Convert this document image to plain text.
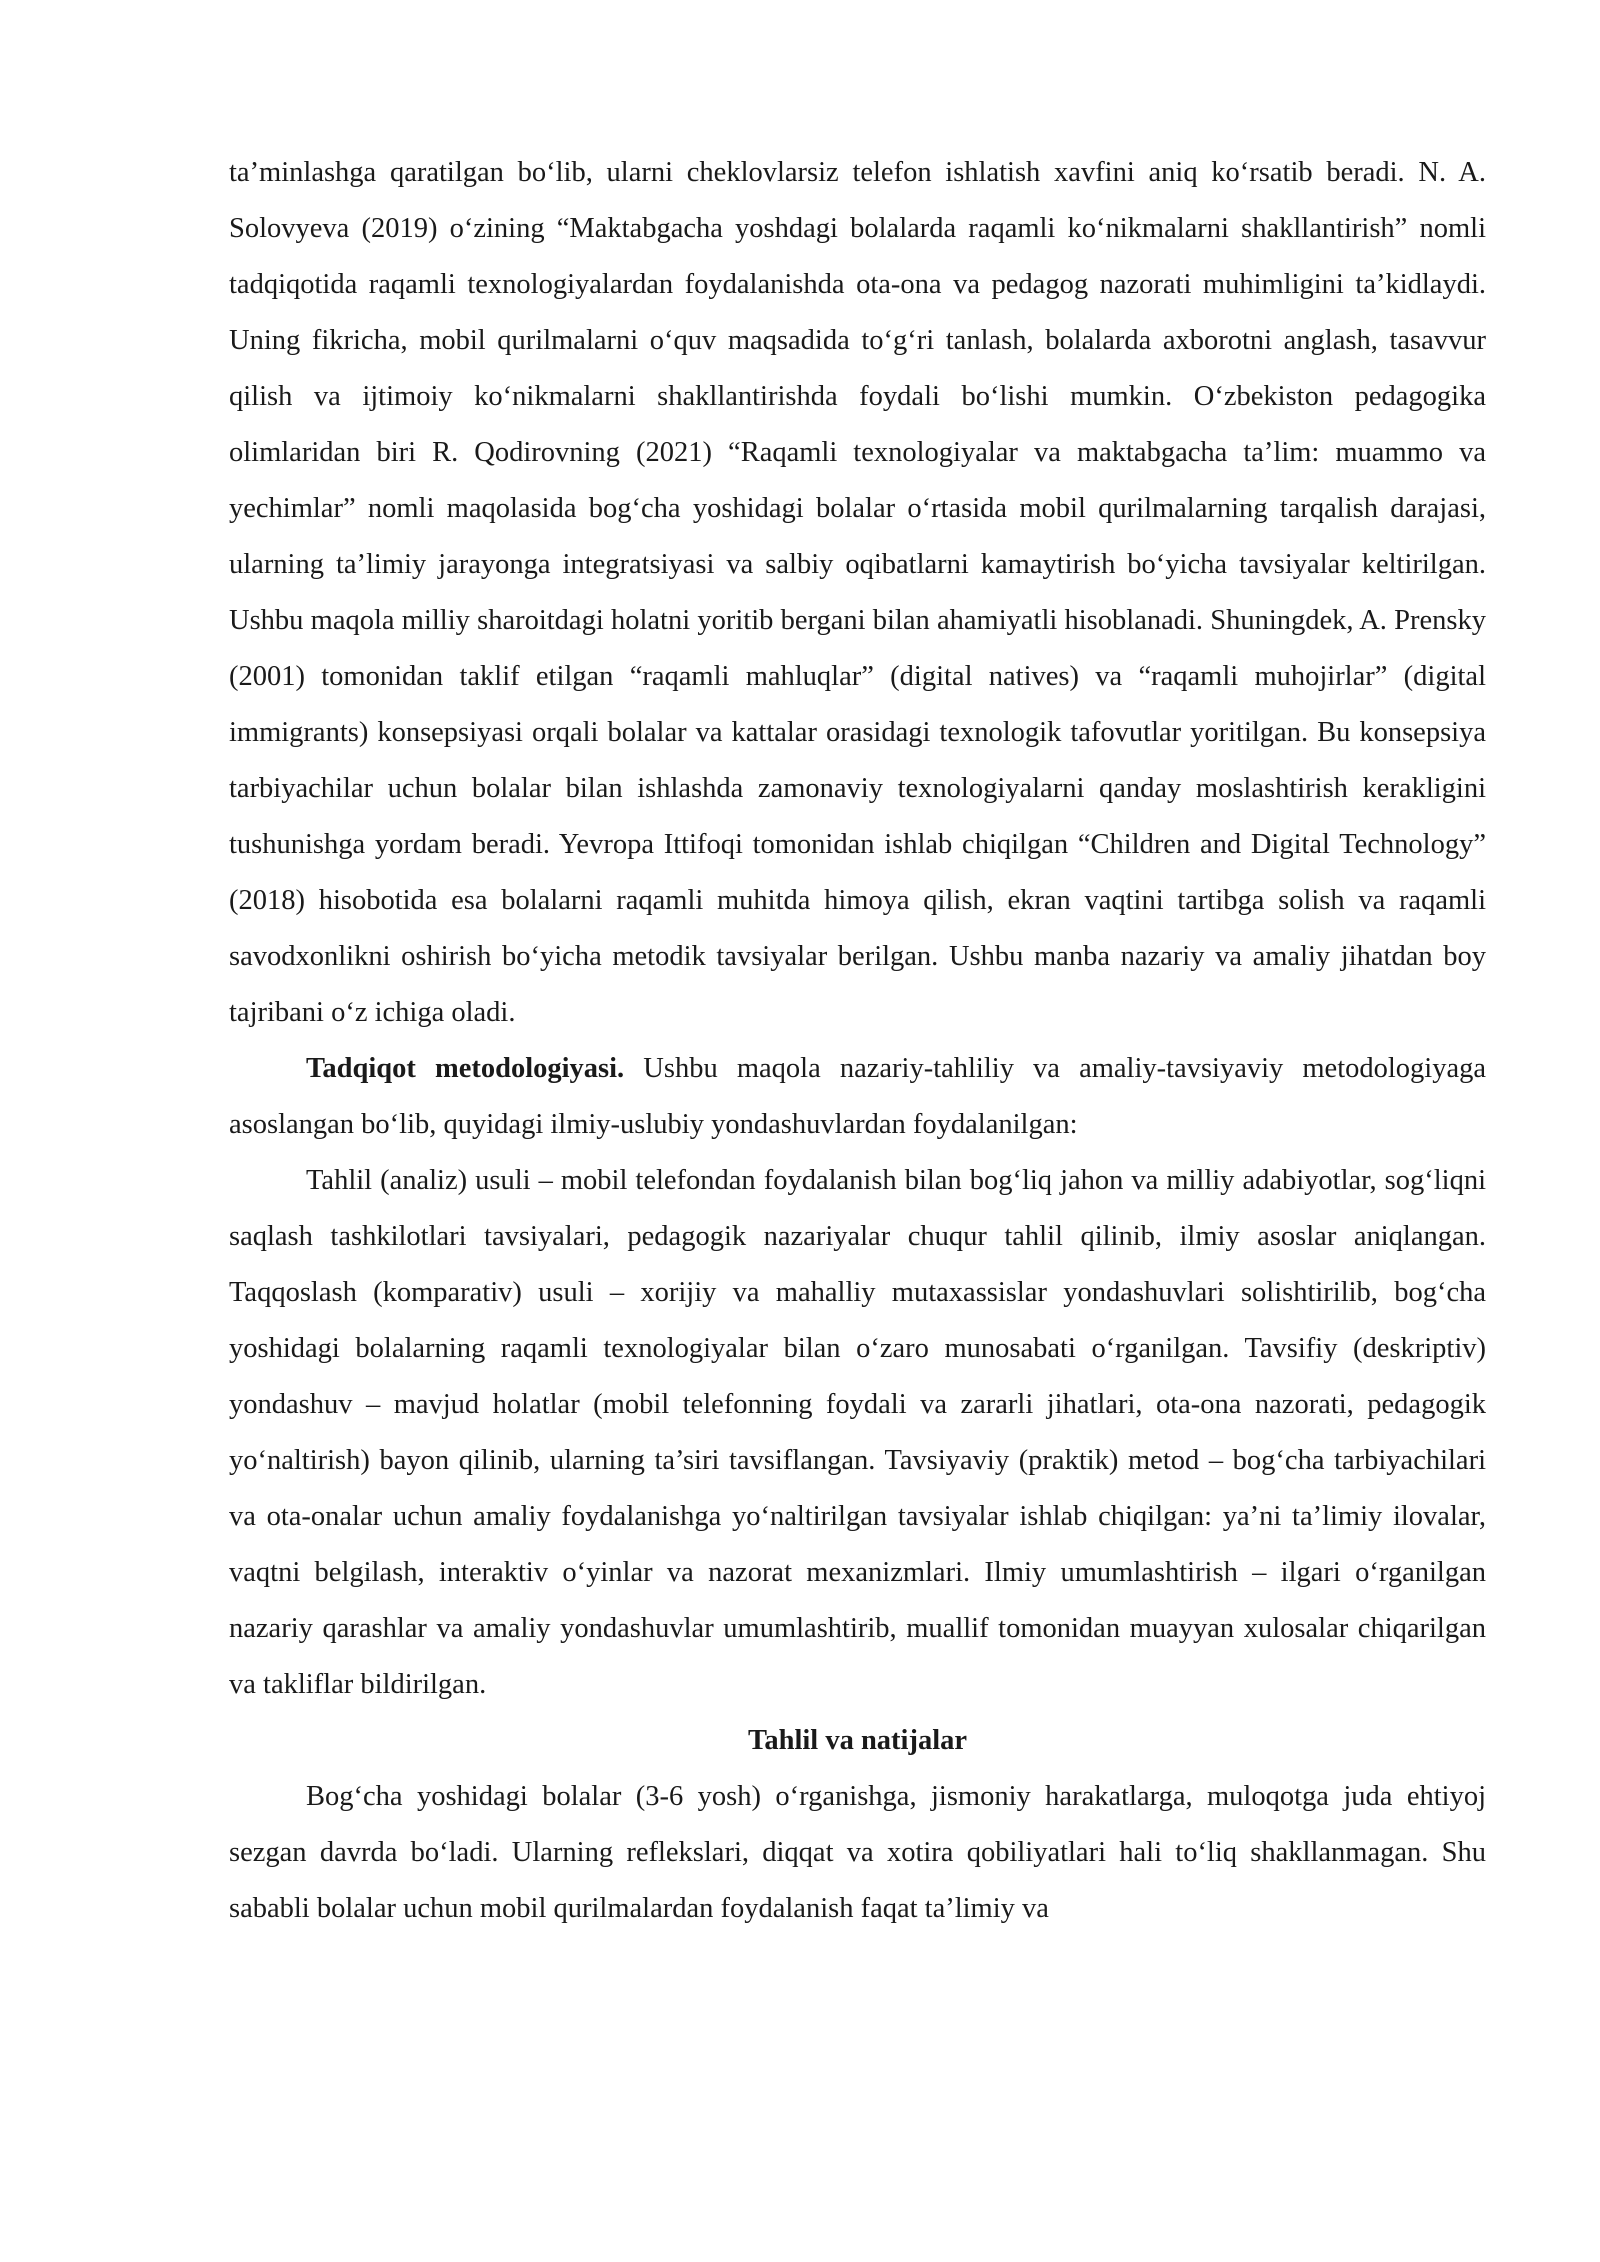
ta’minlashga qaratilgan bo‘lib, ularni cheklovlarsiz telefon ishlatish xavfini aniq ko‘rsatib beradi. N. A. Solovyeva (2019) o‘zining “Maktabgacha yoshdagi bolalarda raqamli ko‘nikmalarni shakllantirish” nomli tadqiqotida raqamli texnologiyalardan foydalanishda ota-ona va pedagog nazorati muhimligini ta’kidlaydi. Uning fikricha, mobil qurilmalarni o‘quv maqsadida to‘g‘ri tanlash, bolalarda axborotni anglash, tasavvur qilish va ijtimoiy ko‘nikmalarni shakllantirishda foydali bo‘lishi mumkin. O‘zbekiston pedagogika olimlaridan biri R. Qodirovning (2021) “Raqamli texnologiyalar va maktabgacha ta’lim: muammo va yechimlar” nomli maqolasida bog‘cha yoshidagi bolalar o‘rtasida mobil qurilmalarning tarqalish darajasi, ularning ta’limiy jarayonga integratsiyasi va salbiy oqibatlarni kamaytirish bo‘yicha tavsiyalar keltirilgan. Ushbu maqola milliy sharoitdagi holatni yoritib bergani bilan ahamiyatli hisoblanadi. Shuningdek, A. Prensky (2001) tomonidan taklif etilgan “raqamli mahluqlar” (digital natives) va “raqamli muhojirlar” (digital immigrants) konsepsiyasi orqali bolalar va kattalar orasidagi texnologik tafovutlar yoritilgan. Bu konsepsiya tarbiyachilar uchun bolalar bilan ishlashda zamonaviy texnologiyalarni qanday moslashtirish kerakligini tushunishga yordam beradi. Yevropa Ittifoqi tomonidan ishlab chiqilgan “Children and Digital Technology” (2018) hisobotida esa bolalarni raqamli muhitda himoya qilish, ekran vaqtini tartibga solish va raqamli savodxonlikni oshirish bo‘yicha metodik tavsiyalar berilgan. Ushbu manba nazariy va amaliy jihatdan boy tajribani o‘z ichiga oladi.

Tadqiqot metodologiyasi. Ushbu maqola nazariy-tahliliy va amaliy-tavsiyaviy metodologiyaga asoslangan bo‘lib, quyidagi ilmiy-uslubiy yondashuvlardan foydalanilgan:

Tahlil (analiz) usuli – mobil telefondan foydalanish bilan bog‘liq jahon va milliy adabiyotlar, sog‘liqni saqlash tashkilotlari tavsiyalari, pedagogik nazariyalar chuqur tahlil qilinib, ilmiy asoslar aniqlangan. Taqqoslash (komparativ) usuli – xorijiy va mahalliy mutaxassislar yondashuvlari solishtirilib, bog‘cha yoshidagi bolalarning raqamli texnologiyalar bilan o‘zaro munosabati o‘rganilgan. Tavsifiy (deskriptiv) yondashuv – mavjud holatlar (mobil telefonning foydali va zararli jihatlari, ota-ona nazorati, pedagogik yo‘naltirish) bayon qilinib, ularning ta’siri tavsiflangan. Tavsiyaviy (praktik) metod – bog‘cha tarbiyachilari va ota-onalar uchun amaliy foydalanishga yo‘naltirilgan tavsiyalar ishlab chiqilgan: ya’ni ta’limiy ilovalar, vaqtni belgilash, interaktiv o‘yinlar va nazorat mexanizmlari. Ilmiy umumlashtirish – ilgari o‘rganilgan nazariy qarashlar va amaliy yondashuvlar umumlashtirib, muallif tomonidan muayyan xulosalar chiqarilgan va takliflar bildirilgan.

Tahlil va natijalar

Bog‘cha yoshidagi bolalar (3-6 yosh) o‘rganishga, jismoniy harakatlarga, muloqotga juda ehtiyoj sezgan davrda bo‘ladi. Ularning reflekslari, diqqat va xotira qobiliyatlari hali to‘liq shakllanmagan. Shu sababli bolalar uchun mobil qurilmalardan foydalanish faqat ta’limiy va
